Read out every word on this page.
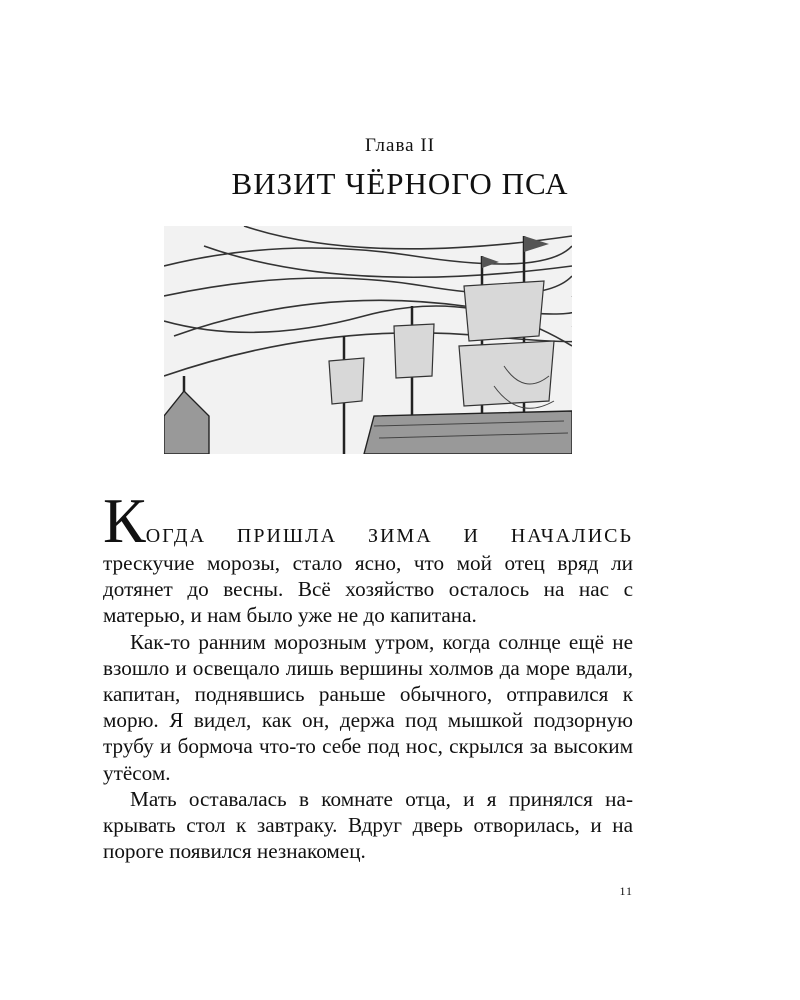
Глава II
ВИЗИТ ЧЁРНОГО ПСА

КОГДА ПРИШЛА ЗИМА И НАЧАЛИСЬ
трескучие морозы, стало ясно, что мой отец вряд ли дотянет до весны. Всё хозяйство осталось на нас с матерью, и нам было уже не до капитана.

Как-то ранним морозным утром, когда солнце ещё не взошло и освещало лишь вершины холмов да море вдали, капитан, поднявшись раньше обычного, отправился к морю. Я видел, как он, держа под мышкой подзорную трубу и бормоча что-то себе под нос, скрылся за высоким утёсом.

Мать оставалась в комнате отца, и я принялся накрывать стол к завтраку. Вдруг дверь отворилась, и на пороге появился незнакомец.

11
